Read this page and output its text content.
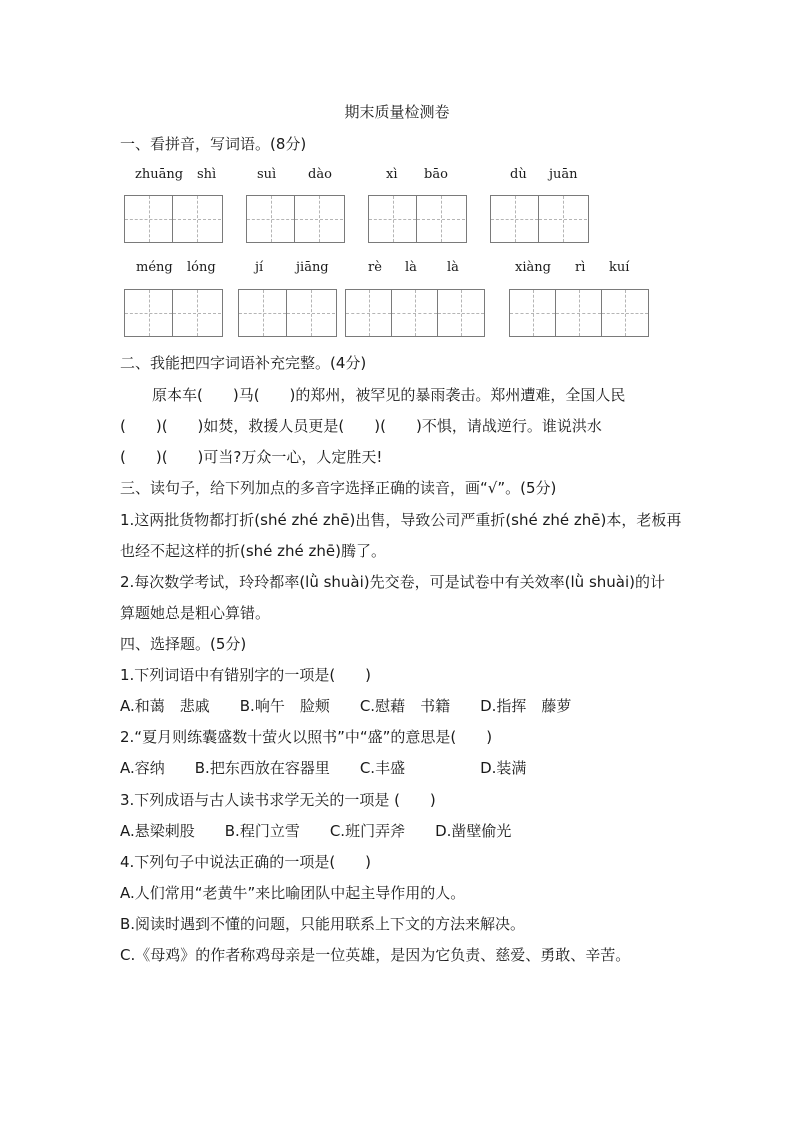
期末质量检测卷
一、看拼音，写词语。(8分)
zhuāng shì	suì dào	xì bāo	dù juān
méng lóng	jí	jiāng	rè là là	xiàng rì kuí
二、我能把四字词语补充完整。(4分)
原本车(　　)马(　　)的郑州，被罕见的暴雨袭击。郑州遭难，全国人民
(　　)(　　)如焚，救援人员更是(　　)(　　)不惧，请战逆行。谁说洪水
(　　)(　　)可当?万众一心，人定胜天!
三、读句子，给下列加点的多音字选择正确的读音，画“√”。(5分)
1.这两批货物都打折(shé zhé zhē)出售，导致公司严重折(shé zhé zhē)本，老板再
也经不起这样的折(shé zhé zhē)腾了。
2.每次数学考试，玲玲都率(lǜ shuài)先交卷，可是试卷中有关效率(lǜ shuài)的计
算题她总是粗心算错。
四、选择题。(5分)
1.下列词语中有错别字的一项是(　　)
A.和蔼　悲戚　　B.响午　脸颊　　C.慰藉　书籍　　D.指挥　藤萝
2.“夏月则练囊盛数十萤火以照书”中“盛”的意思是(　　)
A.容纳　　B.把东西放在容器里　　C.丰盛　　　　　D.装满
3.下列成语与古人读书求学无关的一项是 (　　)
A.悬梁刺股　　B.程门立雪　　C.班门弄斧　　D.凿壁偷光
4.下列句子中说法正确的一项是(　　)
A.人们常用“老黄牛”来比喻团队中起主导作用的人。
B.阅读时遇到不懂的问题，只能用联系上下文的方法来解决。
C.《母鸡》的作者称鸡母亲是一位英雄，是因为它负责、慈爱、勇敢、辛苦。
